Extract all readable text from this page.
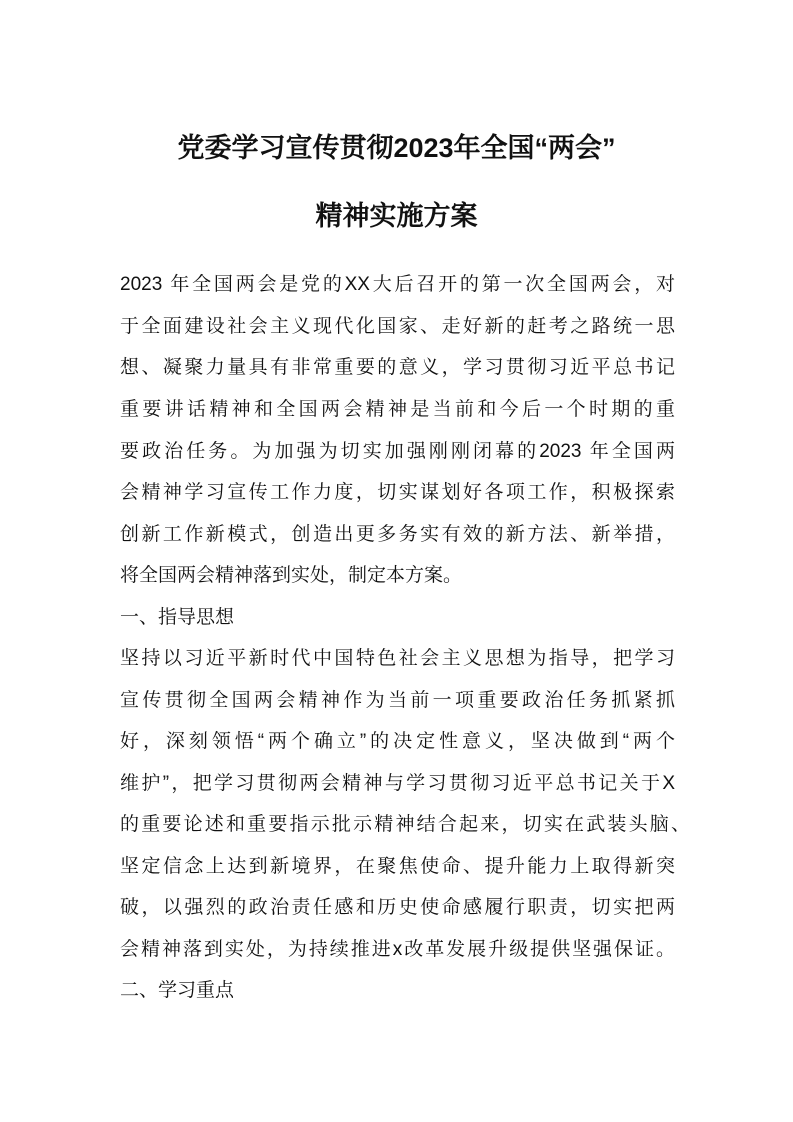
党委学习宣传贯彻2023年全国“两会”
精神实施方案
2023 年全国两会是党的XX大后召开的第一次全国两会，对
于全面建设社会主义现代化国家、走好新的赶考之路统一思
想、凝聚力量具有非常重要的意义，学习贯彻习近平总书记
重要讲话精神和全国两会精神是当前和今后一个时期的重
要政治任务。为加强为切实加强刚刚闭幕的2023 年全国两
会精神学习宣传工作力度，切实谋划好各项工作，积极探索
创新工作新模式，创造出更多务实有效的新方法、新举措，
将全国两会精神落到实处，制定本方案。
一、指导思想
坚持以习近平新时代中国特色社会主义思想为指导，把学习
宣传贯彻全国两会精神作为当前一项重要政治任务抓紧抓
好，深刻领悟“两个确立”的决定性意义，坚决做到“两个
维护”，把学习贯彻两会精神与学习贯彻习近平总书记关于X
的重要论述和重要指示批示精神结合起来，切实在武装头脑、
坚定信念上达到新境界，在聚焦使命、提升能力上取得新突
破，以强烈的政治责任感和历史使命感履行职责，切实把两
会精神落到实处，为持续推进x改革发展升级提供坚强保证。
二、学习重点
